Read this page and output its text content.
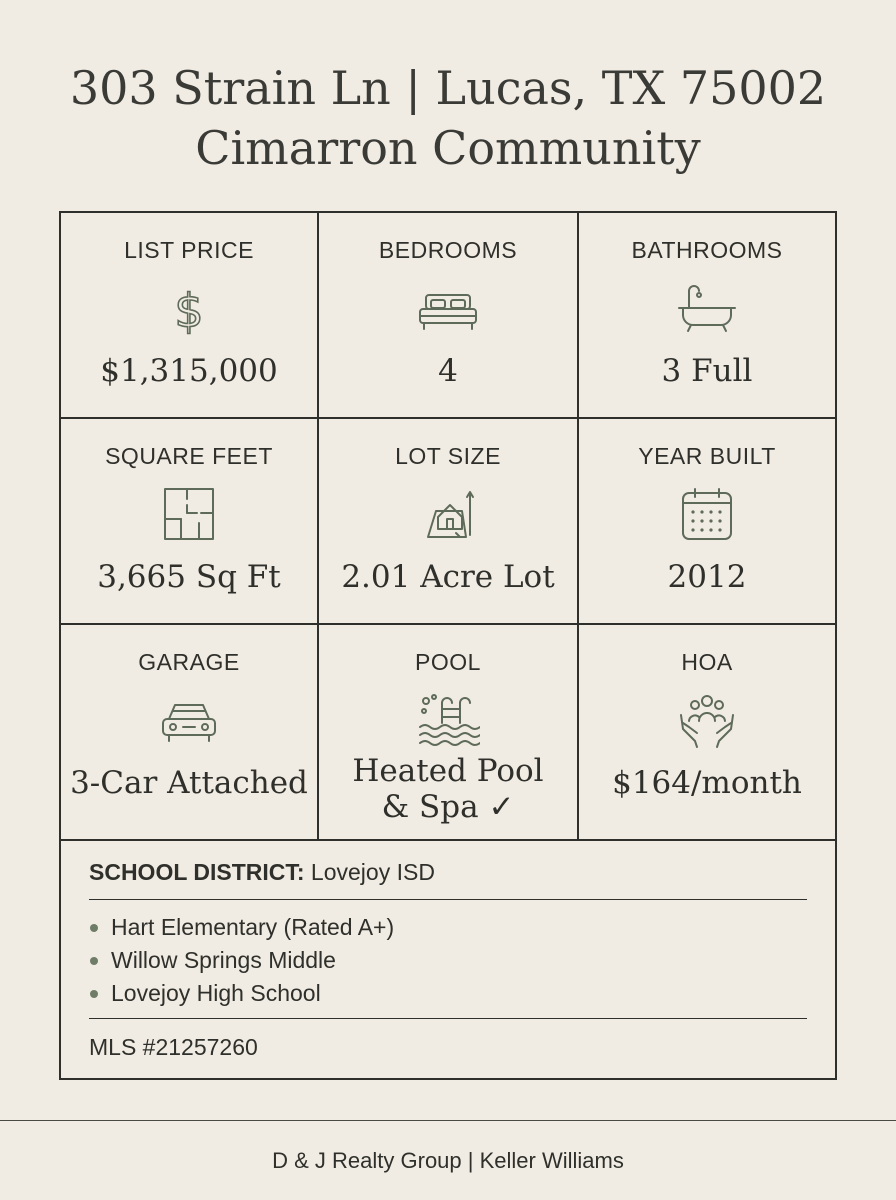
303 Strain Ln | Lucas, TX 75002
Cimarron Community
LIST PRICE
$
$1,315,000
BEDROOMS
4
BATHROOMS
3 Full
SQUARE FEET
3,665 Sq Ft
LOT SIZE
2.01 Acre Lot
YEAR BUILT
2012
GARAGE
3-Car Attached
POOL
Heated Pool
& Spa ✓
HOA
$164/month
SCHOOL DISTRICT: Lovejoy ISD
Hart Elementary (Rated A+)
Willow Springs Middle
Lovejoy High School
MLS #21257260
D & J Realty Group | Keller Williams
